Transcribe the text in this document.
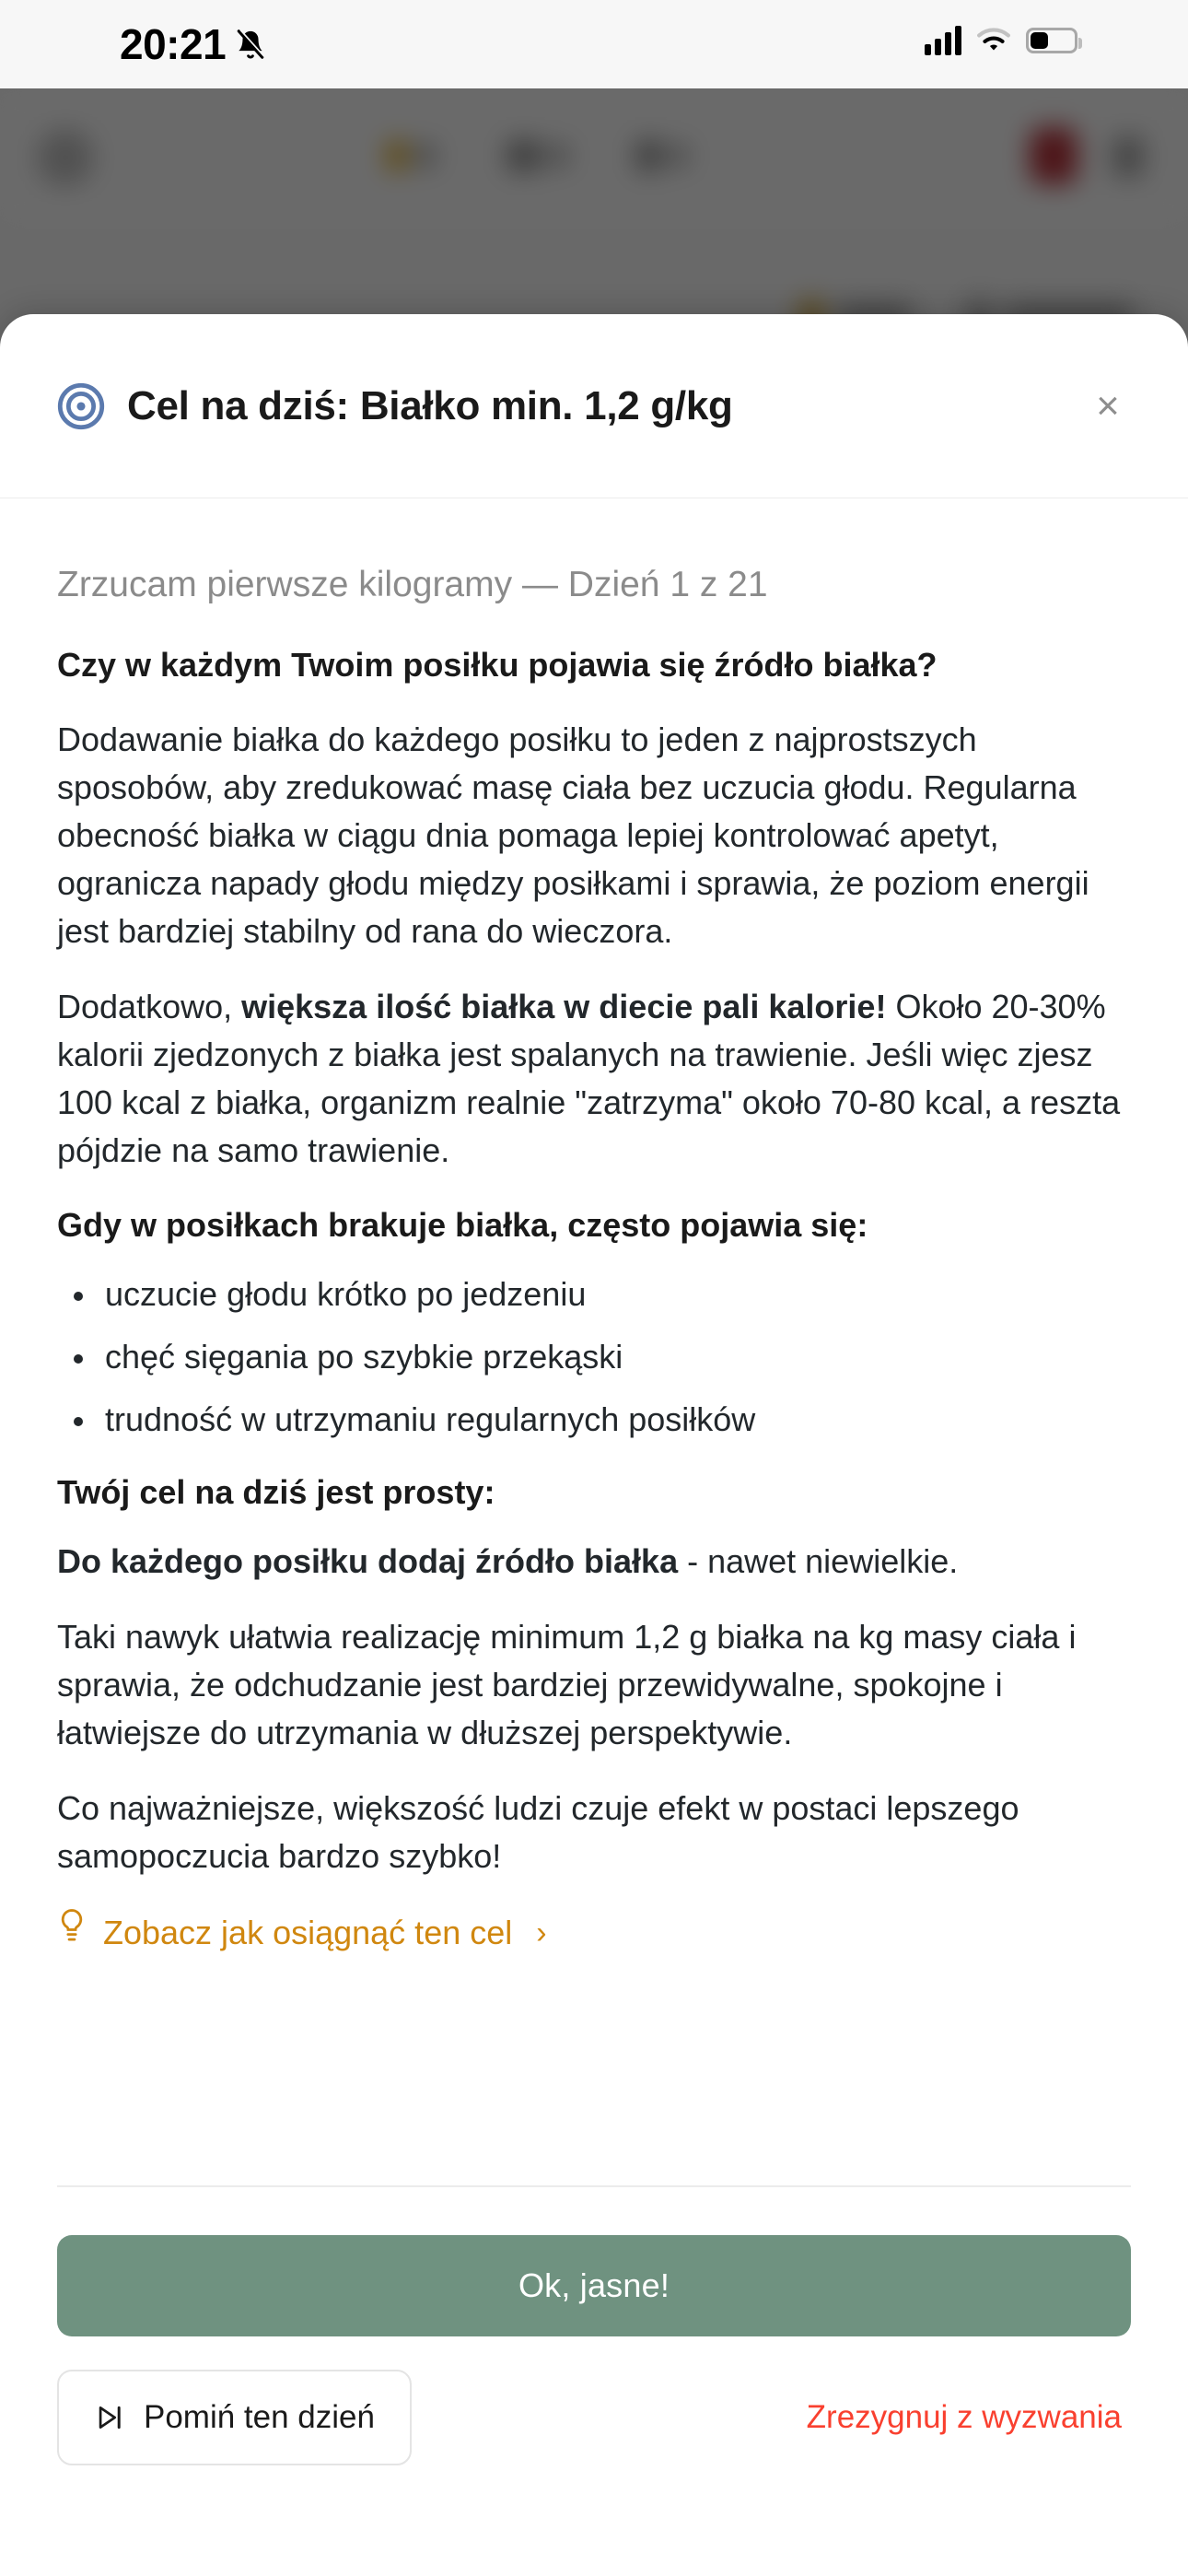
20:21
Cel na dziś: Białko min. 1,2 g/kg	×
Zrzucam pierwsze kilogramy — Dzień 1 z 21
Czy w każdym Twoim posiłku pojawia się źródło białka?

Dodawanie białka do każdego posiłku to jeden z najprostszych sposobów, aby zredukować masę ciała bez uczucia głodu. Regularna obecność białka w ciągu dnia pomaga lepiej kontrolować apetyt, ogranicza napady głodu między posiłkami i sprawia, że poziom energii jest bardziej stabilny od rana do wieczora.

Dodatkowo, większa ilość białka w diecie pali kalorie! Około 20-30% kalorii zjedzonych z białka jest spalanych na trawienie. Jeśli więc zjesz 100 kcal z białka, organizm realnie "zatrzyma" około 70-80 kcal, a reszta pójdzie na samo trawienie.

Gdy w posiłkach brakuje białka, często pojawia się:
uczucie głodu krótko po jedzeniu
chęć sięgania po szybkie przekąski
trudność w utrzymaniu regularnych posiłków
Twój cel na dziś jest prosty:

Do każdego posiłku dodaj źródło białka - nawet niewielkie.

Taki nawyk ułatwia realizację minimum 1,2 g białka na kg masy ciała i sprawia, że odchudzanie jest bardziej przewidywalne, spokojne i łatwiejsze do utrzymania w dłuższej perspektywie.

Co najważniejsze, większość ludzi czuje efekt w postaci lepszego samopoczucia bardzo szybko!

Zobacz jak osiągnąć ten cel ›
Ok, jasne!
Pomiń ten dzień	Zrezygnuj z wyzwania
